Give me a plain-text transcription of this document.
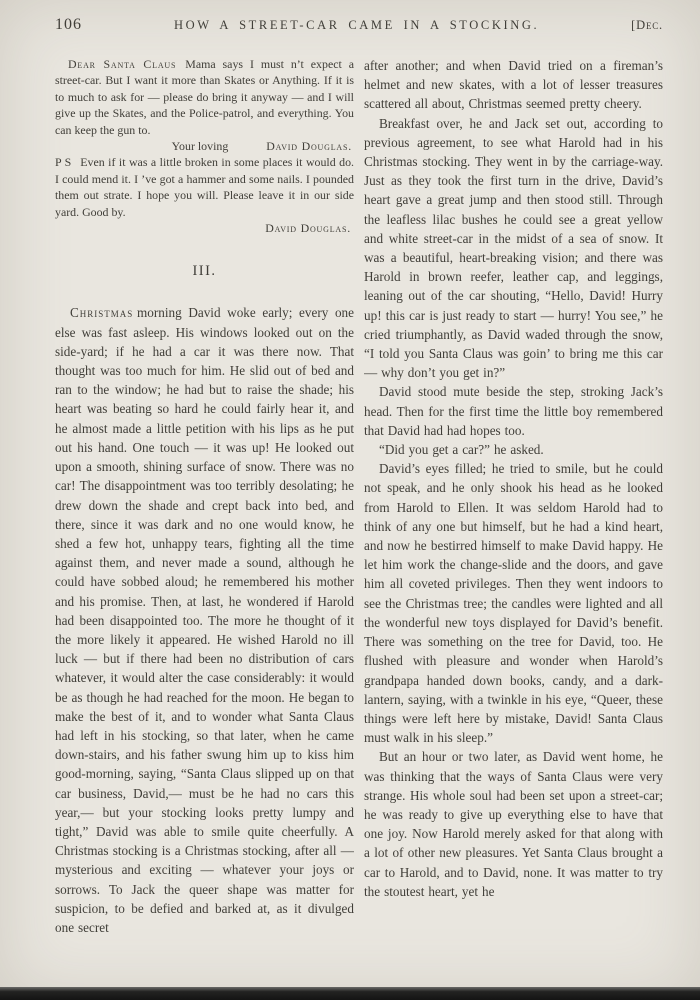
106	HOW A STREET-CAR CAME IN A STOCKING.	[Dec.

Dear Santa Claus Mama says I must n’t expect a street-car. But I want it more than Skates or Anything. If it is to much to ask for — please do bring it anyway — and I will give up the Skates, and the Police-patrol, and everything. You can keep the gun to.

Your loving	David Douglas.

P S Even if it was a little broken in some places it would do. I could mend it. I ’ve got a hammer and some nails. I pounded them out strate. I hope you will. Please leave it in our side yard. Good by.

David Douglas.
III.

Christmas morning David woke early; every one else was fast asleep. His windows looked out on the side-yard; if he had a car it was there now. That thought was too much for him. He slid out of bed and ran to the window; he had but to raise the shade; his heart was beating so hard he could fairly hear it, and he almost made a little petition with his lips as he put out his hand. One touch — it was up! He looked out upon a smooth, shining surface of snow. There was no car! The disappointment was too terribly desolating; he drew down the shade and crept back into bed, and there, since it was dark and no one would know, he shed a few hot, unhappy tears, fighting all the time against them, and never made a sound, although he could have sobbed aloud; he remembered his mother and his promise. Then, at last, he wondered if Harold had been disappointed too. The more he thought of it the more likely it appeared. He wished Harold no ill luck — but if there had been no distribution of cars whatever, it would alter the case considerably: it would be as though he had reached for the moon. He began to make the best of it, and to wonder what Santa Claus had left in his stocking, so that later, when he came down-stairs, and his father swung him up to kiss him good-morning, saying, “Santa Claus slipped up on that car business, David,— must be he had no cars this year,— but your stocking looks pretty lumpy and tight,” David was able to smile quite cheerfully. A Christmas stocking is a Christmas stocking, after all — mysterious and exciting — whatever your joys or sorrows. To Jack the queer shape was matter for suspicion, to be defied and barked at, as it divulged one secret

after another; and when David tried on a fireman’s helmet and new skates, with a lot of lesser treasures scattered all about, Christmas seemed pretty cheery.

Breakfast over, he and Jack set out, according to previous agreement, to see what Harold had in his Christmas stocking. They went in by the carriage-way. Just as they took the first turn in the drive, David’s heart gave a great jump and then stood still. Through the leafless lilac bushes he could see a great yellow and white street-car in the midst of a sea of snow. It was a beautiful, heart-breaking vision; and there was Harold in brown reefer, leather cap, and leggings, leaning out of the car shouting, “Hello, David! Hurry up! this car is just ready to start — hurry! You see,” he cried triumphantly, as David waded through the snow, “I told you Santa Claus was goin’ to bring me this car — why don’t you get in?”

David stood mute beside the step, stroking Jack’s head. Then for the first time the little boy remembered that David had had hopes too.

“Did you get a car?” he asked.

David’s eyes filled; he tried to smile, but he could not speak, and he only shook his head as he looked from Harold to Ellen. It was seldom Harold had to think of any one but himself, but he had a kind heart, and now he bestirred himself to make David happy. He let him work the change-slide and the doors, and gave him all coveted privileges. Then they went indoors to see the Christmas tree; the candles were lighted and all the wonderful new toys displayed for David’s benefit. There was something on the tree for David, too. He flushed with pleasure and wonder when Harold’s grandpapa handed down books, candy, and a dark-lantern, saying, with a twinkle in his eye, “Queer, these things were left here by mistake, David! Santa Claus must walk in his sleep.”

But an hour or two later, as David went home, he was thinking that the ways of Santa Claus were very strange. His whole soul had been set upon a street-car; he was ready to give up everything else to have that one joy. Now Harold merely asked for that along with a lot of other new pleasures. Yet Santa Claus brought a car to Harold, and to David, none. It was matter to try the stoutest heart, yet he
